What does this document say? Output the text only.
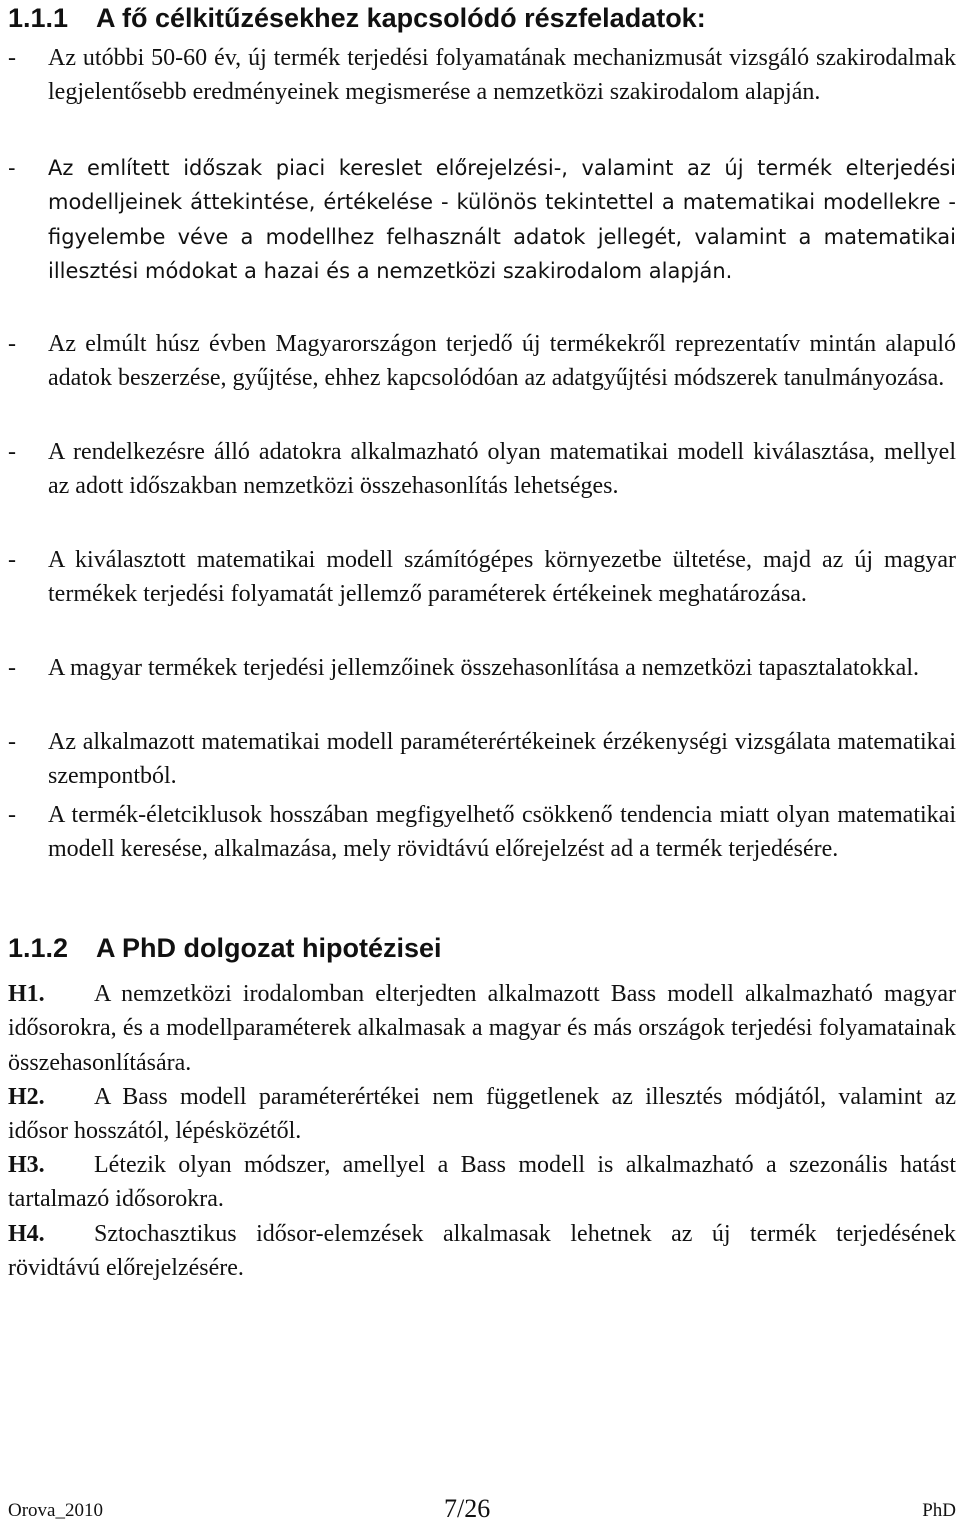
1.1.1 A fő célkitűzésekhez kapcsolódó részfeladatok:
-	Az utóbbi 50-60 év, új termék terjedési folyamatának mechanizmusát vizsgáló szakirodalmak legjelentősebb eredményeinek megismerése a nemzetközi szakirodalom alapján.
-	Az említett időszak piaci kereslet előrejelzési-, valamint az új termék elterjedési modelljeinek áttekintése, értékelése - különös tekintettel a matematikai modellekre - figyelembe véve a modellhez felhasznált adatok jellegét, valamint a matematikai illesztési módokat a hazai és a nemzetközi szakirodalom alapján.
-	Az elmúlt húsz évben Magyarországon terjedő új termékekről reprezentatív mintán alapuló adatok beszerzése, gyűjtése, ehhez kapcsolódóan az adatgyűjtési módszerek tanulmányozása.
-	A rendelkezésre álló adatokra alkalmazható olyan matematikai modell kiválasztása, mellyel az adott időszakban nemzetközi összehasonlítás lehetséges.
-	A kiválasztott matematikai modell számítógépes környezetbe ültetése, majd az új magyar termékek terjedési folyamatát jellemző paraméterek értékeinek meghatározása.
-	A magyar termékek terjedési jellemzőinek összehasonlítása a nemzetközi tapasztalatokkal.
-	Az alkalmazott matematikai modell paraméterértékeinek érzékenységi vizsgálata matematikai szempontból.
-	A termék-életciklusok hosszában megfigyelhető csökkenő tendencia miatt olyan matematikai modell keresése, alkalmazása, mely rövidtávú előrejelzést ad a termék terjedésére.
1.1.2 A PhD dolgozat hipotézisei
H1. A nemzetközi irodalomban elterjedten alkalmazott Bass modell alkalmazható magyar idősorokra, és a modellparaméterek alkalmasak a magyar és más országok terjedési folyamatainak összehasonlítására.
H2. A Bass modell paraméterértékei nem függetlenek az illesztés módjától, valamint az idősor hosszától, lépésközétől.
H3. Létezik olyan módszer, amellyel a Bass modell is alkalmazható a szezonális hatást tartalmazó idősorokra.
H4. Sztochasztikus idősor-elemzések alkalmasak lehetnek az új termék terjedésének rövidtávú előrejelzésére.
Orova_2010	7/26	PhD
